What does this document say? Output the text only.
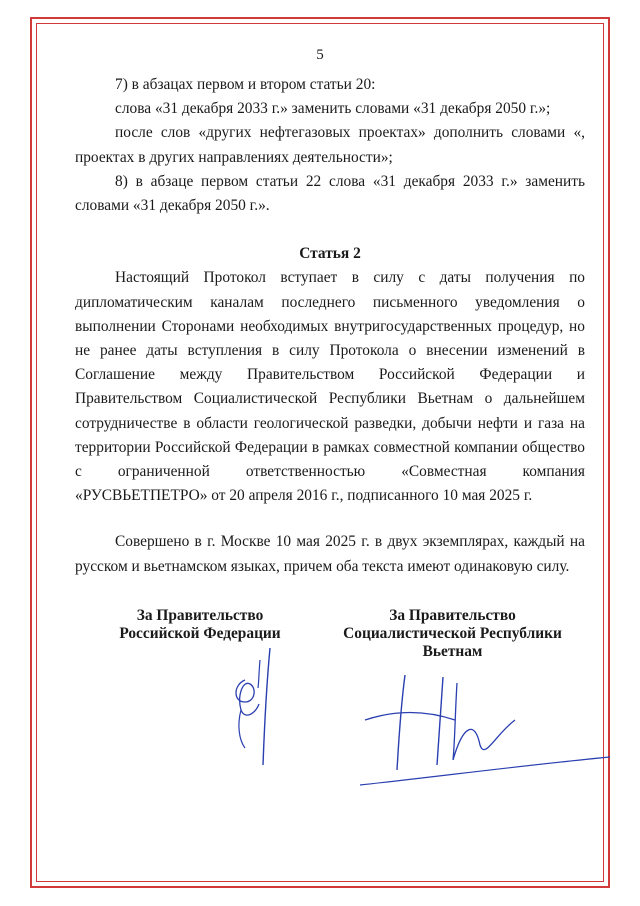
5

7) в абзацах первом и втором статьи 20:

слова «31 декабря 2033 г.» заменить словами «31 декабря 2050 г.»;

после слов «других нефтегазовых проектах» дополнить словами «, проектах в других направлениях деятельности»;

8) в абзаце первом статьи 22 слова «31 декабря 2033 г.» заменить словами «31 декабря 2050 г.».

Статья 2

Настоящий Протокол вступает в силу с даты получения по дипломатическим каналам последнего письменного уведомления о выполнении Сторонами необходимых внутригосударственных процедур, но не ранее даты вступления в силу Протокола о внесении изменений в Соглашение между Правительством Российской Федерации и Правительством Социалистической Республики Вьетнам о дальнейшем сотрудничестве в области геологической разведки, добычи нефти и газа на территории Российской Федерации в рамках совместной компании общество с ограниченной ответственностью «Совместная компания «РУСВЬЕТПЕТРО» от 20 апреля 2016 г., подписанного 10 мая 2025 г.

Совершено в г. Москве 10 мая 2025 г. в двух экземплярах, каждый на русском и вьетнамском языках, причем оба текста имеют одинаковую силу.

За Правительство
Российской Федерации
За Правительство
Социалистической Республики
Вьетнам
